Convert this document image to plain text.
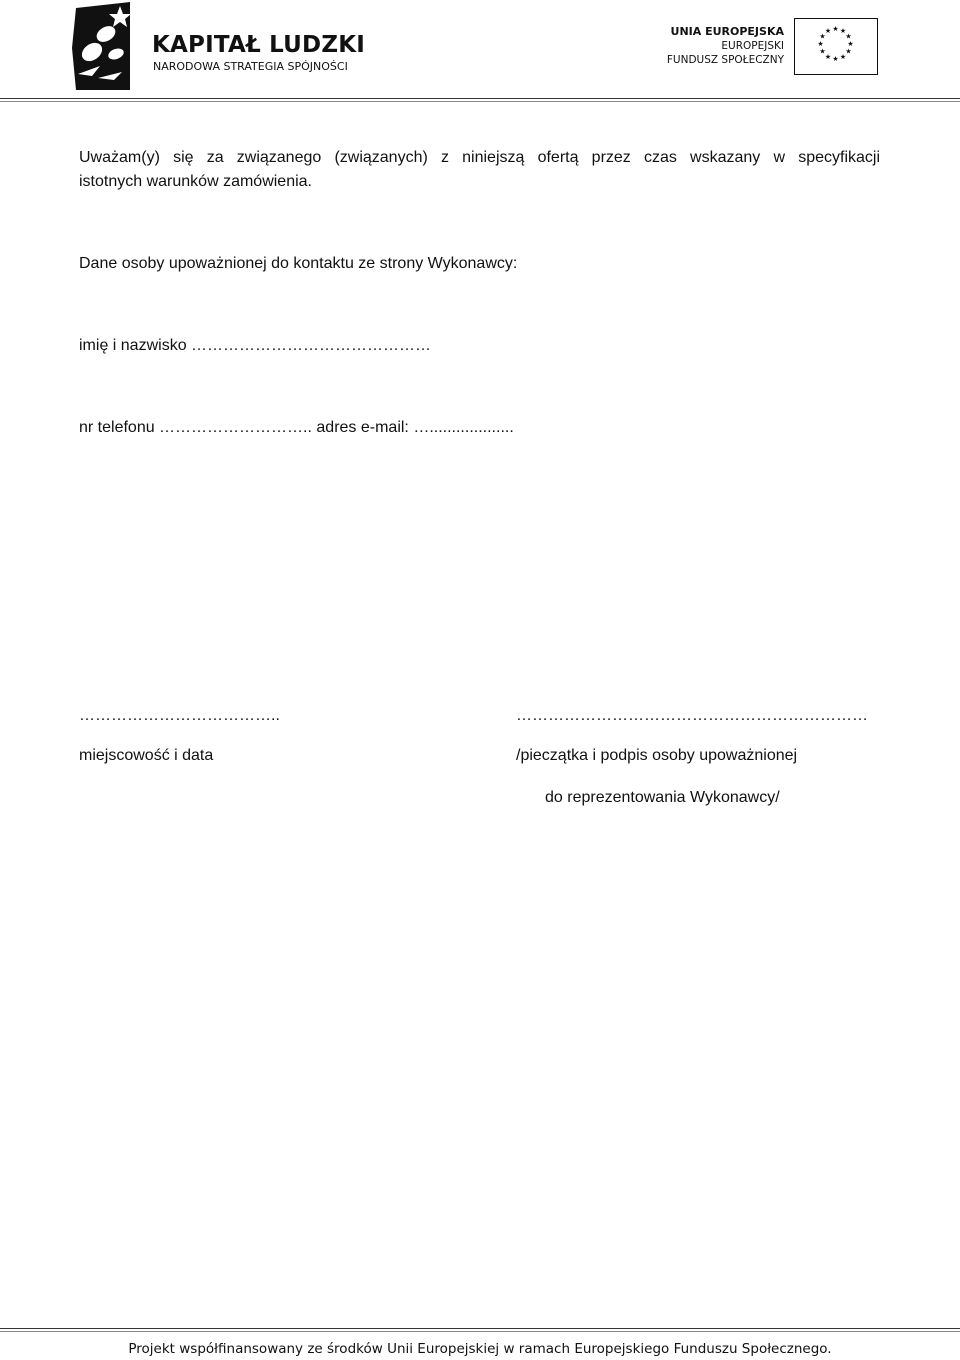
KAPITAŁ LUDZKI
NARODOWA STRATEGIA SPÓJNOŚCI
UNIA EUROPEJSKA
EUROPEJSKI
FUNDUSZ SPOŁECZNY
★ ★
★
★
★
★
★
★
★
★
★
★
Uważam(y) się za związanego (związanych) z niniejszą ofertą przez czas wskazany w specyfikacji
istotnych warunków zamówienia.
Dane osoby upoważnionej do kontaktu ze strony Wykonawcy:
imię i nazwisko ………………………………………
nr telefonu ……………………….. adres e-mail: …...................
………………………………..
miejscowość i data
…………………………………………………………
/pieczątka i podpis osoby upoważnionej
do reprezentowania Wykonawcy/
Projekt współfinansowany ze środków Unii Europejskiej w ramach Europejskiego Funduszu Społecznego.
